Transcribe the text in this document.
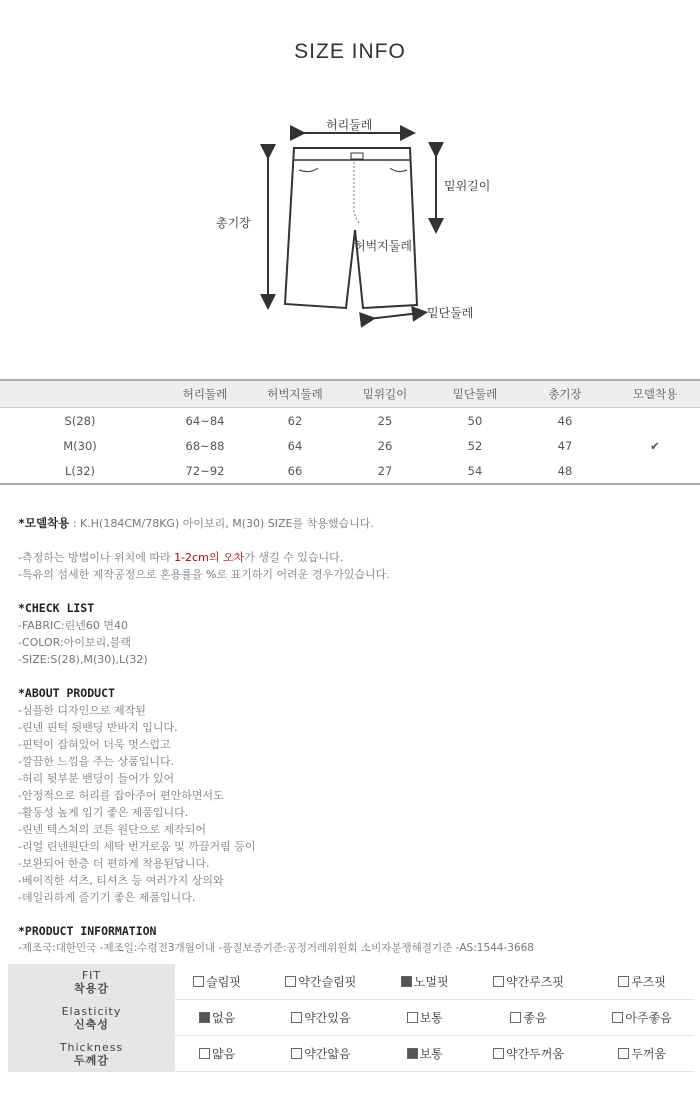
SIZE INFO
허리둘레
밑위길이
총기장
허벅지둘레
밑단둘레
	허리둘레	허벅지둘레	밑위길이	밑단둘레	총기장	모델착용
S(28)	64~84	62	25	50	46	
M(30)	68~88	64	26	52	47	✔
L(32)	72~92	66	27	54	48	
*모델착용 : K.H(184CM/78KG) 아이보리, M(30) SIZE를 착용했습니다.
-측정하는 방법이나 위치에 따라 1-2cm의 오차가 생길 수 있습니다.
-특유의 섬세한 제작공정으로 혼용률을 %로 표기하기 어려운 경우가있습니다.
*CHECK LIST
-FABRIC:린넨60 면40
-COLOR:아이보리,블랙
-SIZE:S(28),M(30),L(32)
*ABOUT PRODUCT
-심플한 디자인으로 제작된
-린넨 핀턱 뒷밴딩 반바지 입니다.
-핀턱이 잡혀있어 더욱 멋스럽고
-깔끔한 느낌을 주는 상품입니다.
-허리 뒷부분 밴딩이 들어가 있어
-안정적으로 허리를 잡아주어 편안하면서도
-활동성 높게 입기 좋은 제품입니다.
-린넨 텍스쳐의 코튼 원단으로 제작되어
-리얼 린넨원단의 세탁 번거로움 및 까끌거림 등이
-보완되어 한층 더 편하게 착용된답니다.
-베이직한 셔츠, 티셔츠 등 여러가지 상의와
-데일리하게 즐기기 좋은 제품입니다.
*PRODUCT INFORMATION
-제조국:대한민국 -제조일:수령전3개월이내 -품질보증기준:공정거래위원회 소비자분쟁해결기준 -AS:1544-3668
FIT
착용감	슬림핏	약간슬림핏	노멀핏	약간루즈핏	루즈핏

Elasticity
신축성	없음	약간있음	보통	좋음	아주좋음

Thickness
두께감	얇음	약간얇음	보통	약간두꺼움	두꺼움
